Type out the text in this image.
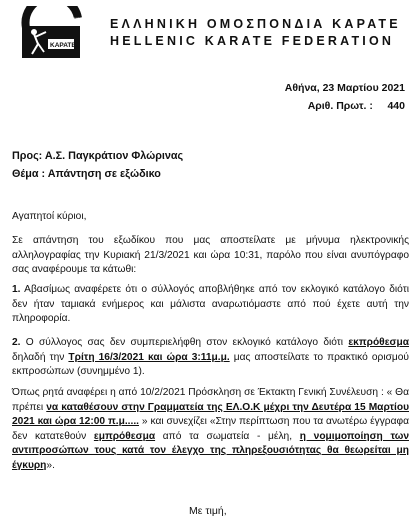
ΕΛΛΗΝΙΚΗ ΟΜΟΣΠΟΝΔΙΑ
ΚΑΡΑΤΕ
ΕΛΛΗΝΙΚΗ ΟΜΟΣΠΟΝΔΙΑ ΚΑΡΑΤΕ
HELLENIC KARATE FEDERATION
Αθήνα, 23 Μαρτίου 2021
Αριθ. Πρωτ. : 440
Προς: Α.Σ. Παγκράτιον Φλώρινας
Θέμα : Απάντηση σε εξώδικο
Αγαπητοί κύριοι,
Σε απάντηση του εξωδίκου που μας αποστείλατε με μήνυμα ηλεκτρονικής αλληλογραφίας την Κυριακή 21/3/2021 και ώρα 10:31, παρόλο που είναι ανυπόγραφο σας αναφέρουμε τα κάτωθι:
1. Αβασίμως αναφέρετε ότι ο σύλλογός αποβλήθηκε από τον εκλογικό κατάλογο διότι δεν ήταν ταμιακά ενήμερος και μάλιστα αναρωτιόμαστε από πού έχετε αυτή την πληροφορία.
2. Ο σύλλογος σας δεν συμπεριελήφθη στον εκλογικό κατάλογο διότι εκπρόθεσμα δηλαδή την Τρίτη 16/3/2021 και ώρα 3:11μ.μ. μας αποστείλατε το πρακτικό ορισμού εκπροσώπων (συνημμένο 1).
Όπως ρητά αναφέρει η από 10/2/2021 Πρόσκληση σε Έκτακτη Γενική Συνέλευση : « Θα πρέπει να καταθέσουν στην Γραμματεία της ΕΛ.Ο.Κ μέχρι την Δευτέρα 15 Μαρτίου 2021 και ώρα 12:00 π.μ..... » και συνεχίζει «Στην περίπτωση που τα ανωτέρω έγγραφα δεν κατατεθούν εμπρόθεσμα από τα σωματεία - μέλη, η νομιμοποίηση των αντιπροσώπων τους κατά τον έλεγχο της πληρεξουσιότητας θα θεωρείται μη έγκυρη».
Με τιμή,
